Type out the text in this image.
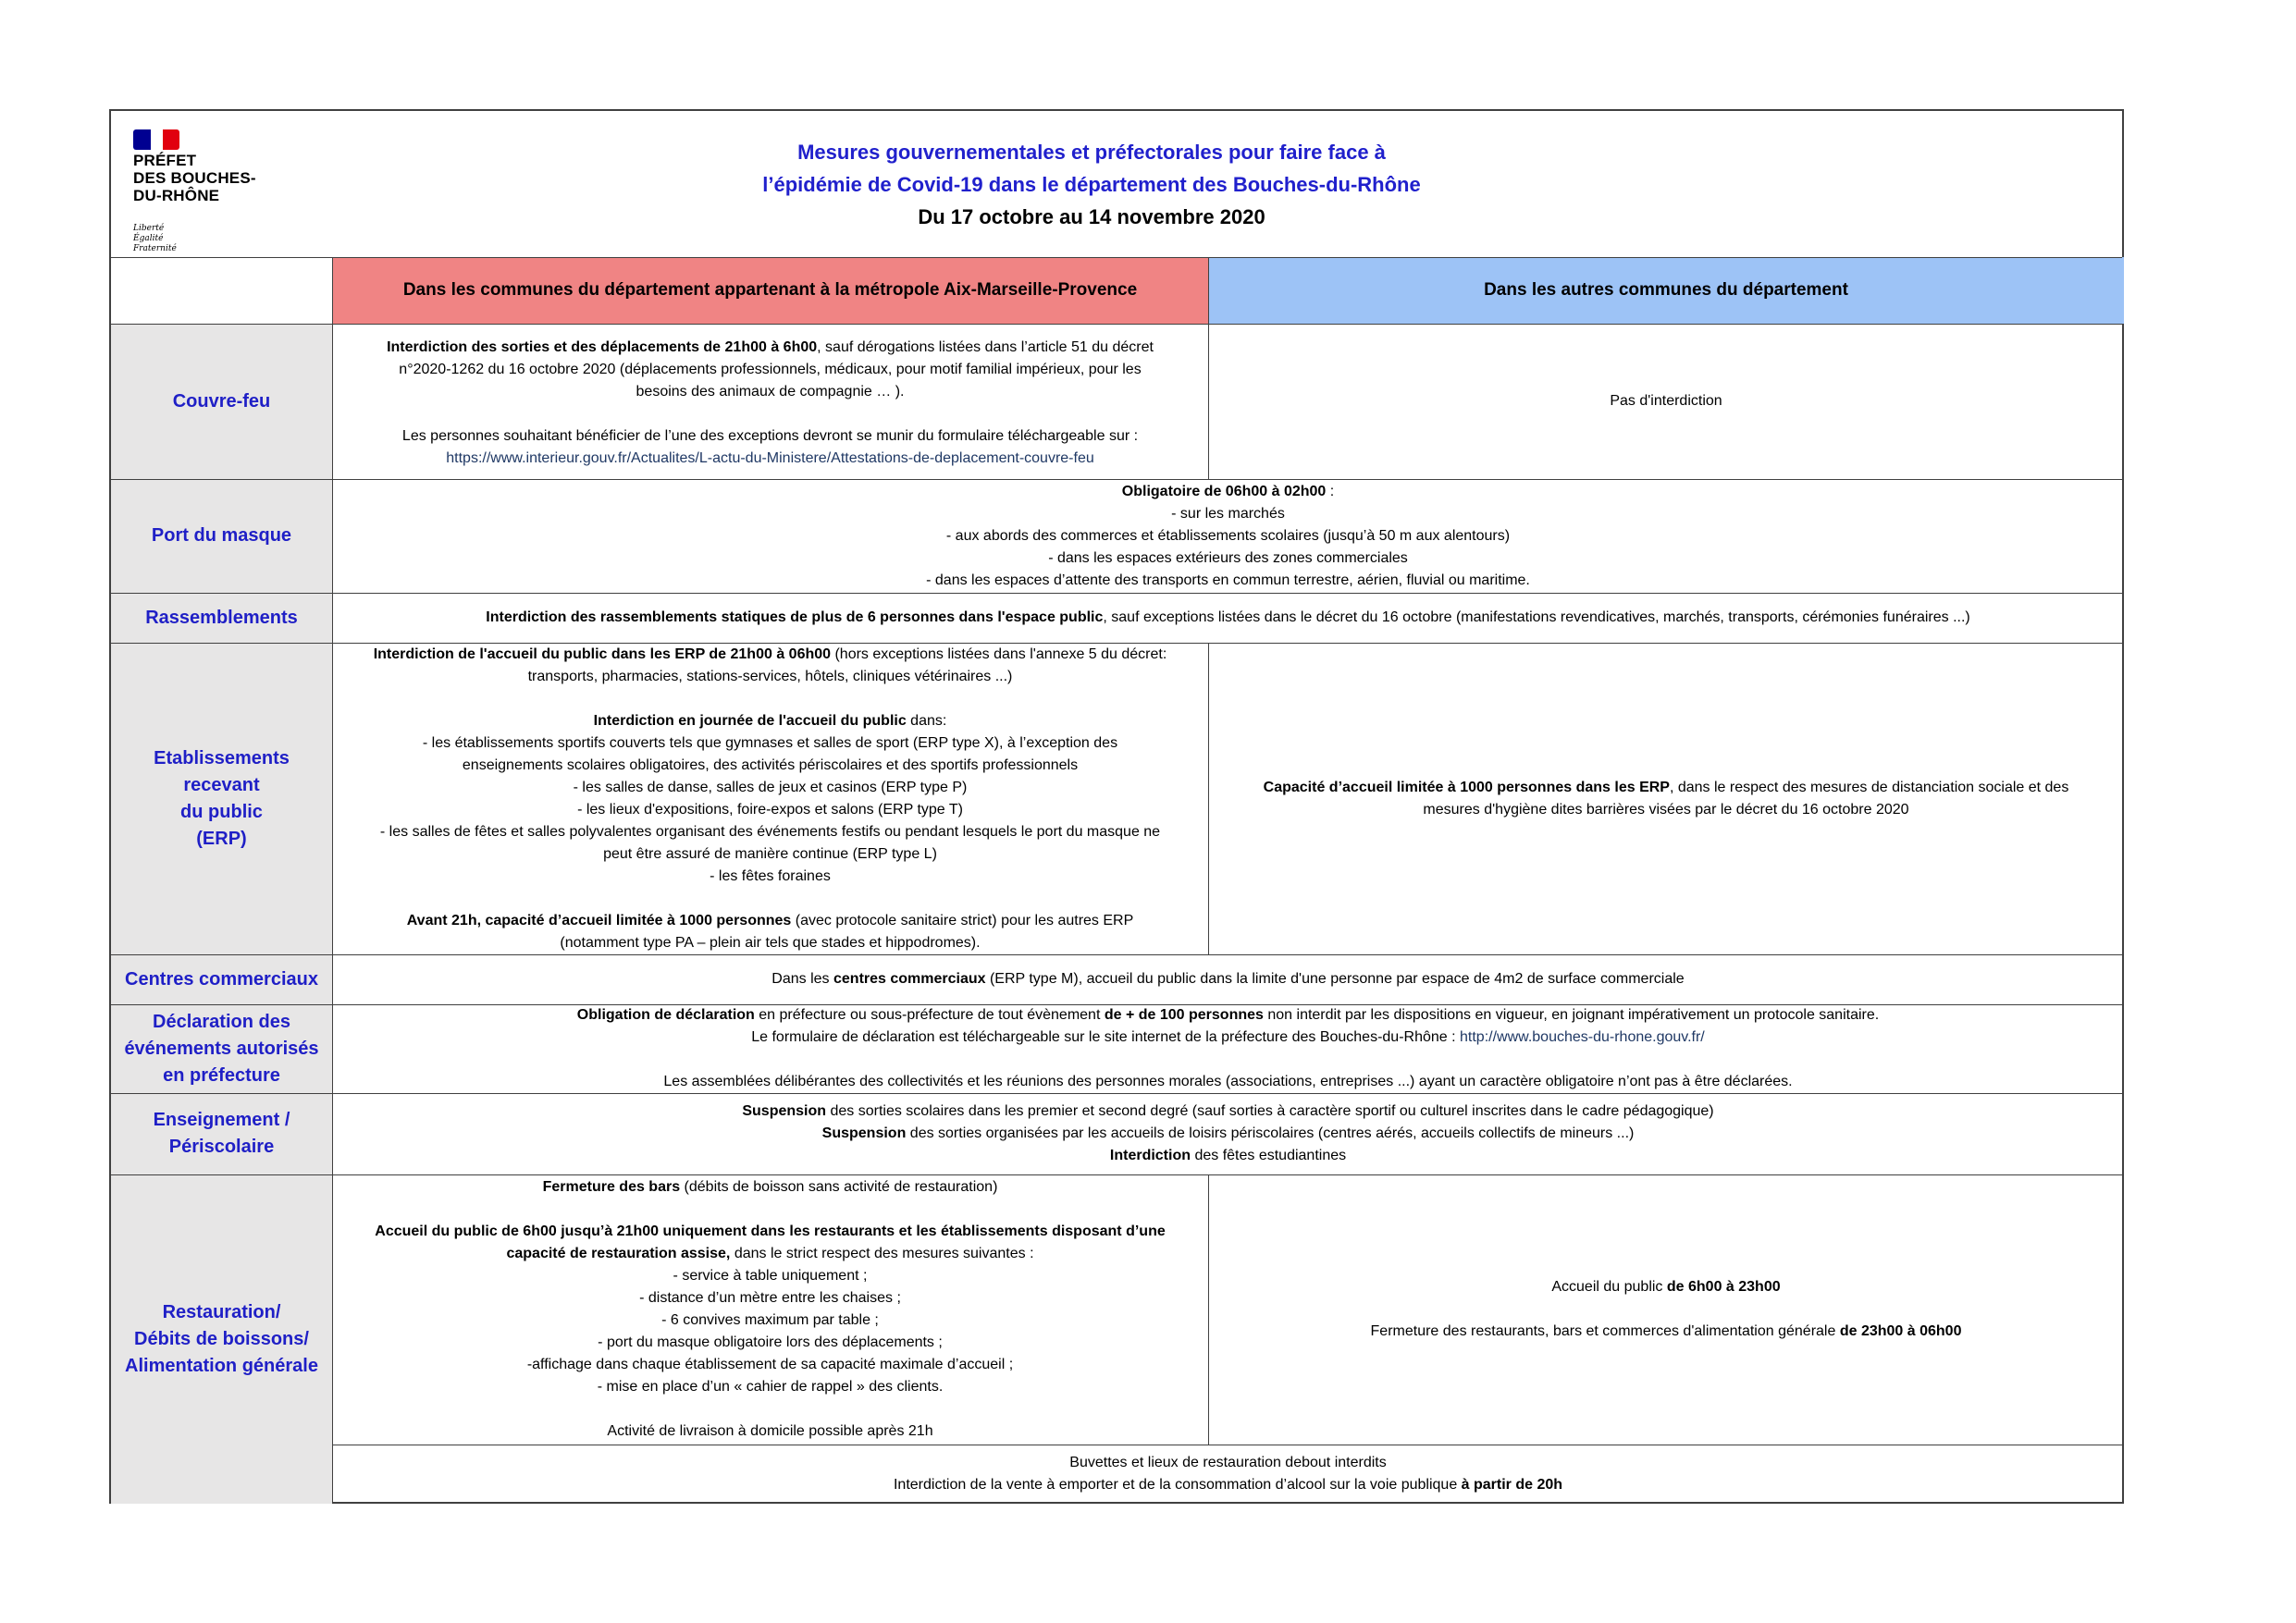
PRÉFET
DES BOUCHES-
DU-RHÔNE
Liberté
Égalité
Fraternité
Mesures gouvernementales et préfectorales pour faire face à
l’épidémie de Covid-19 dans le département des Bouches-du-Rhône
Du 17 octobre au 14 novembre 2020
Dans les communes du département appartenant à la métropole Aix-Marseille-Provence	Dans les autres communes du département
Couvre-feu
Port du masque
Rassemblements
Etablissements recevant
du public
(ERP)
Centres commerciaux
Déclaration des
événements autorisés
en préfecture
Enseignement /
Périscolaire
Restauration/
Débits de boissons/
Alimentation générale
Interdiction des sorties et des déplacements de 21h00 à 6h00, sauf dérogations listées dans l’article 51 du décret
n°2020-1262 du 16 octobre 2020 (déplacements professionnels, médicaux, pour motif familial impérieux, pour les
besoins des animaux de compagnie … ).
Les personnes souhaitant bénéficier de l’une des exceptions devront se munir du formulaire téléchargeable sur :
https://www.interieur.gouv.fr/Actualites/L-actu-du-Ministere/Attestations-de-deplacement-couvre-feu
Pas d'interdiction
Obligatoire de 06h00 à 02h00 :
- sur les marchés
- aux abords des commerces et établissements scolaires (jusqu’à 50 m aux alentours)
- dans les espaces extérieurs des zones commerciales
- dans les espaces d’attente des transports en commun terrestre, aérien, fluvial ou maritime.
Interdiction des rassemblements statiques de plus de 6 personnes dans l'espace public, sauf exceptions listées dans le décret du 16 octobre (manifestations revendicatives, marchés, transports, cérémonies funéraires ...)
Interdiction de l'accueil du public dans les ERP de 21h00 à 06h00 (hors exceptions listées dans l'annexe 5 du décret:
transports, pharmacies, stations-services, hôtels, cliniques vétérinaires ...)
Interdiction en journée de l'accueil du public dans:
- les établissements sportifs couverts tels que gymnases et salles de sport (ERP type X), à l’exception des
enseignements scolaires obligatoires, des activités périscolaires et des sportifs professionnels
- les salles de danse, salles de jeux et casinos (ERP type P)
- les lieux d'expositions, foire-expos et salons (ERP type T)
- les salles de fêtes et salles polyvalentes organisant des événements festifs ou pendant lesquels le port du masque ne
peut être assuré de manière continue (ERP type L)
- les fêtes foraines
Avant 21h, capacité d’accueil limitée à 1000 personnes (avec protocole sanitaire strict) pour les autres ERP
(notamment type PA – plein air tels que stades et hippodromes).
Capacité d’accueil limitée à 1000 personnes dans les ERP, dans le respect des mesures de distanciation sociale et des
mesures d'hygiène dites barrières visées par le décret du 16 octobre 2020
Dans les centres commerciaux (ERP type M), accueil du public dans la limite d'une personne par espace de 4m2 de surface commerciale
Obligation de déclaration en préfecture ou sous-préfecture de tout évènement de + de 100 personnes non interdit par les dispositions en vigueur, en joignant impérativement un protocole sanitaire.
Le formulaire de déclaration est téléchargeable sur le site internet de la préfecture des Bouches-du-Rhône : http://www.bouches-du-rhone.gouv.fr/
Les assemblées délibérantes des collectivités et les réunions des personnes morales (associations, entreprises ...) ayant un caractère obligatoire n’ont pas à être déclarées.
Suspension des sorties scolaires dans les premier et second degré (sauf sorties à caractère sportif ou culturel inscrites dans le cadre pédagogique)
Suspension des sorties organisées par les accueils de loisirs périscolaires (centres aérés, accueils collectifs de mineurs ...)
Interdiction des fêtes estudiantines
Fermeture des bars (débits de boisson sans activité de restauration)
Accueil du public de 6h00 jusqu’à 21h00 uniquement dans les restaurants et les établissements disposant d’une
capacité de restauration assise, dans le strict respect des mesures suivantes :
- service à table uniquement ;
- distance d’un mètre entre les chaises ;
- 6 convives maximum par table ;
- port du masque obligatoire lors des déplacements ;
-affichage dans chaque établissement de sa capacité maximale d’accueil ;
- mise en place d’un « cahier de rappel » des clients.
Activité de livraison à domicile possible après 21h
Accueil du public de 6h00 à 23h00
Fermeture des restaurants, bars et commerces d'alimentation générale de 23h00 à 06h00
Buvettes et lieux de restauration debout interdits
Interdiction de la vente à emporter et de la consommation d’alcool sur la voie publique à partir de 20h
